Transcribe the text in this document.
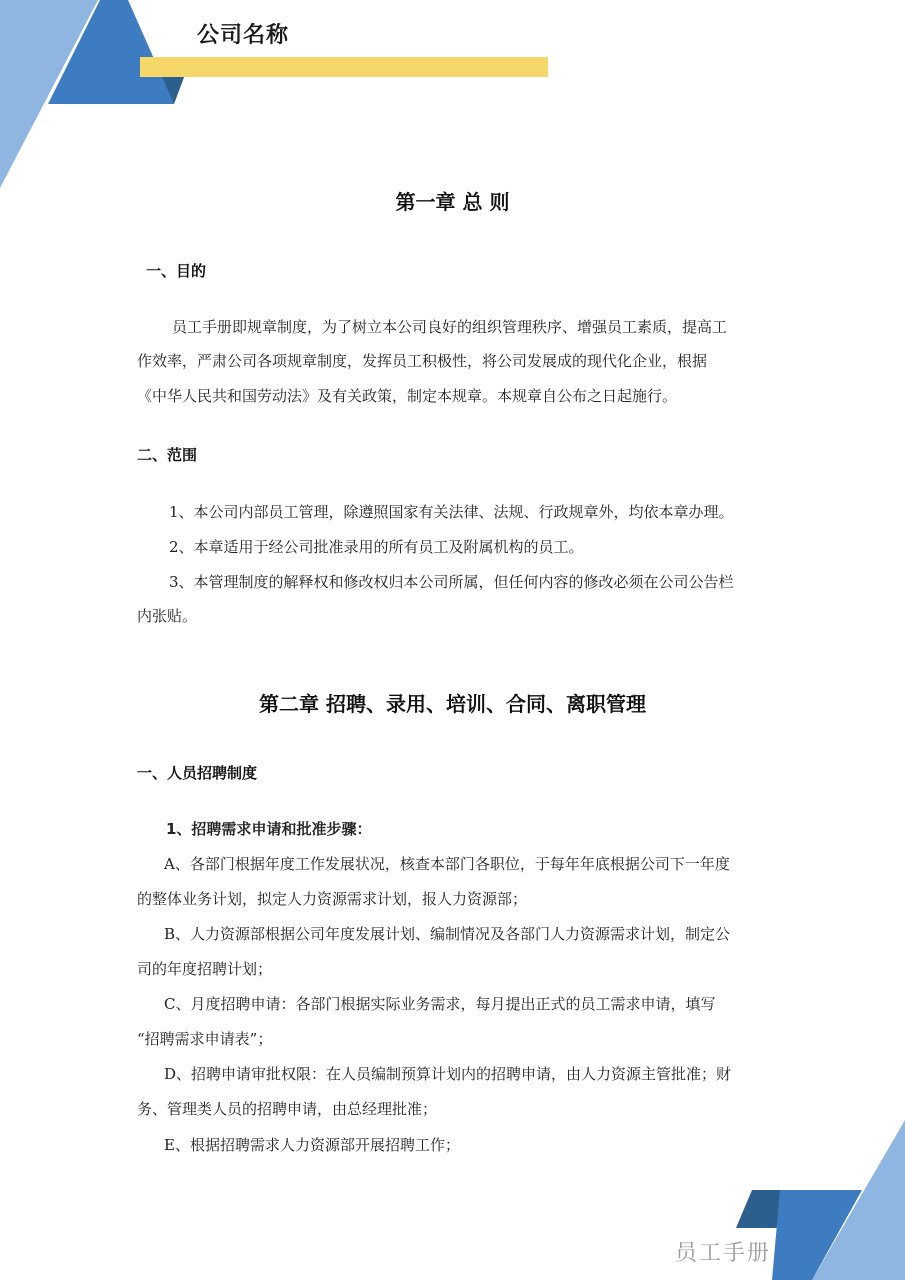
公司名称
第一章 总 则
一、目的
员工手册即规章制度，为了树立本公司良好的组织管理秩序、增强员工素质，提高工
作效率，严肃公司各项规章制度，发挥员工积极性，将公司发展成的现代化企业，根据
《中华人民共和国劳动法》及有关政策，制定本规章。本规章自公布之日起施行。
二、范围
1、本公司内部员工管理，除遵照国家有关法律、法规、行政规章外，均依本章办理。
2、本章适用于经公司批准录用的所有员工及附属机构的员工。
3、本管理制度的解释权和修改权归本公司所属，但任何内容的修改必须在公司公告栏
内张贴。
第二章 招聘、录用、培训、合同、离职管理
一、人员招聘制度
1、招聘需求申请和批准步骤：
A、各部门根据年度工作发展状况，核查本部门各职位，于每年年底根据公司下一年度
的整体业务计划，拟定人力资源需求计划，报人力资源部；
B、人力资源部根据公司年度发展计划、编制情况及各部门人力资源需求计划，制定公
司的年度招聘计划；
C、月度招聘申请：各部门根据实际业务需求，每月提出正式的员工需求申请，填写
“招聘需求申请表”；
D、招聘申请审批权限：在人员编制预算计划内的招聘申请，由人力资源主管批准；财
务、管理类人员的招聘申请，由总经理批准；
E、根据招聘需求人力资源部开展招聘工作；
员工手册
